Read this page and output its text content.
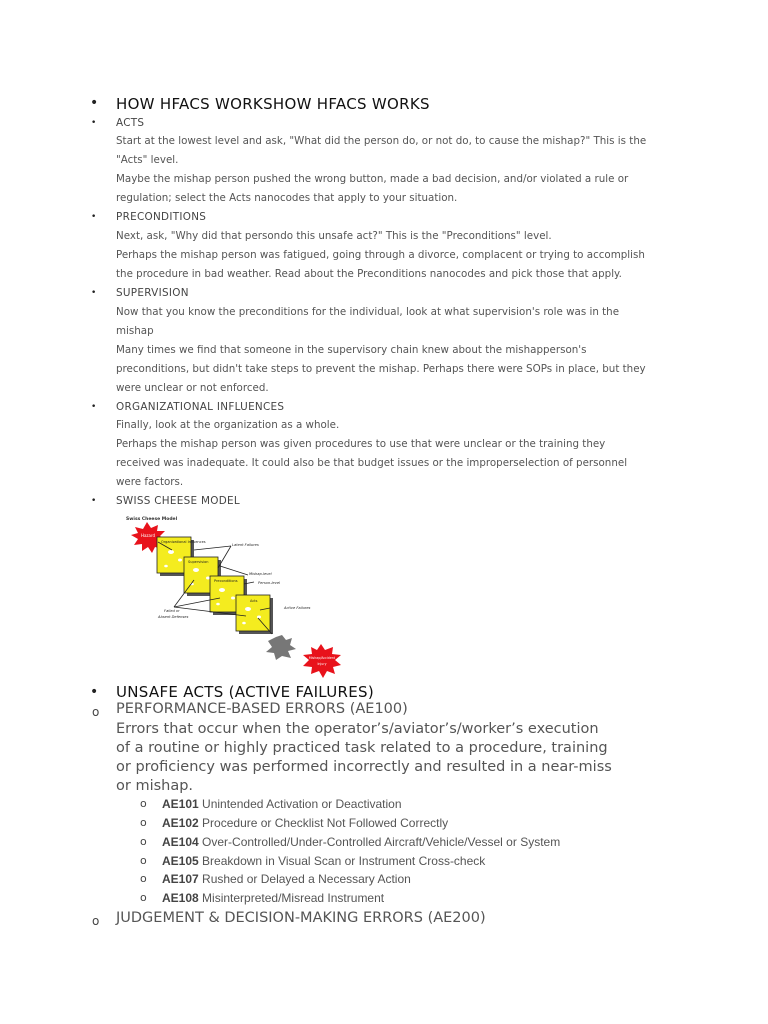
• HOW HFACS WORKSHOW HFACS WORKS
• ACTS
Start at the lowest level and ask, "What did the person do, or not do, to cause the mishap?" This is the
"Acts" level.
Maybe the mishap person pushed the wrong button, made a bad decision, and/or violated a rule or
regulation; select the Acts nanocodes that apply to your situation.
• PRECONDITIONS
Next, ask, "Why did that persondo this unsafe act?" This is the "Preconditions" level.
Perhaps the mishap person was fatigued, going through a divorce, complacent or trying to accomplish
the procedure in bad weather. Read about the Preconditions nanocodes and pick those that apply.
• SUPERVISION
Now that you know the preconditions for the individual, look at what supervision's role was in the
mishap
Many times we find that someone in the supervisory chain knew about the mishapperson's
preconditions, but didn't take steps to prevent the mishap. Perhaps there were SOPs in place, but they
were unclear or not enforced.
• ORGANIZATIONAL INFLUENCES
Finally, look at the organization as a whole.
Perhaps the mishap person was given procedures to use that were unclear or the training they
received was inadequate. It could also be that budget issues or the improperselection of personnel
were factors.
• SWISS CHEESE MODEL
Swiss Cheese Model
Hazard
Organizational Influences
Supervision
Preconditions
Acts
Latent Failures
Mishap-level
Person-level
Active Failures
Failed or
Absent Defenses
Mishap/Accident
Injury
• UNSAFE ACTS (ACTIVE FAILURES)
o PERFORMANCE-BASED ERRORS (AE100)
Errors that occur when the operator’s/aviator’s/worker’s execution
of a routine or highly practiced task related to a procedure, training
or proficiency was performed incorrectly and resulted in a near-miss
or mishap.
o AE101 Unintended Activation or Deactivation
o AE102 Procedure or Checklist Not Followed Correctly
o AE104 Over-Controlled/Under-Controlled Aircraft/Vehicle/Vessel or System
o AE105 Breakdown in Visual Scan or Instrument Cross-check
o AE107 Rushed or Delayed a Necessary Action
o AE108 Misinterpreted/Misread Instrument
o JUDGEMENT & DECISION-MAKING ERRORS (AE200)
